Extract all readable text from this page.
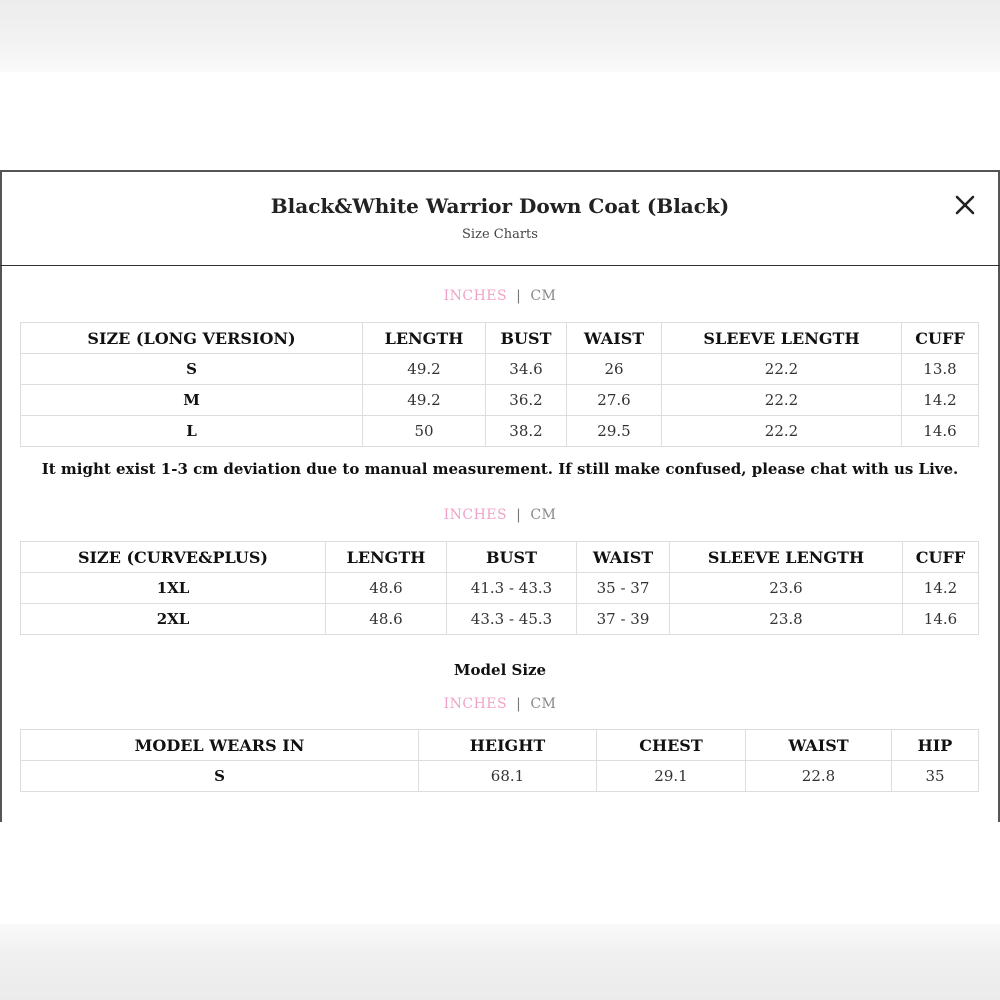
Black&White Warrior Down Coat (Black)
Size Charts
INCHES | CM
SIZE (LONG VERSION)	LENGTH	BUST	WAIST	SLEEVE LENGTH	CUFF
S	49.2	34.6	26	22.2	13.8
M	49.2	36.2	27.6	22.2	14.2
L	50	38.2	29.5	22.2	14.6
It might exist 1-3 cm deviation due to manual measurement. If still make confused, please chat with us Live.
INCHES | CM
SIZE (CURVE&PLUS)	LENGTH	BUST	WAIST	SLEEVE LENGTH	CUFF
1XL	48.6	41.3 - 43.3	35 - 37	23.6	14.2
2XL	48.6	43.3 - 45.3	37 - 39	23.8	14.6
Model Size
INCHES | CM
MODEL WEARS IN	HEIGHT	CHEST	WAIST	HIP
S	68.1	29.1	22.8	35
